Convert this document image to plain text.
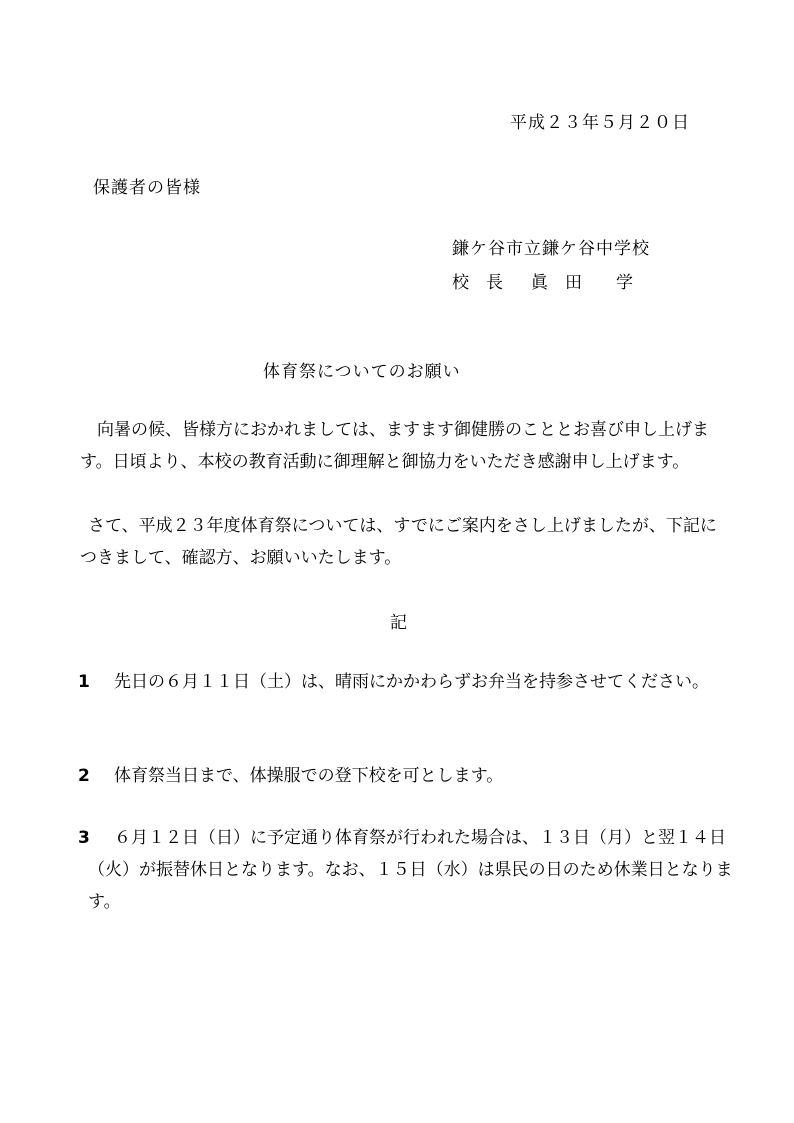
平成２３年５月２０日
保護者の皆様
鎌ケ谷市立鎌ケ谷中学校
校　長 眞　田　　学
体育祭についてのお願い
向暑の候、皆様方におかれましては、ますます御健勝のこととお喜び申し上げます。日頃より、本校の教育活動に御理解と御協力をいただき感謝申し上げます。
さて、平成２３年度体育祭については、すでにご案内をさし上げましたが、下記につきまして、確認方、お願いいたします。
記
1	先日の６月１１日（土）は、晴雨にかかわらずお弁当を持参させてください。
2	体育祭当日まで、体操服での登下校を可とします。
3	６月１２日（日）に予定通り体育祭が行われた場合は、１３日（月）と翌１４日（火）が振替休日となります。なお、１５日（水）は県民の日のため休業日となります。
